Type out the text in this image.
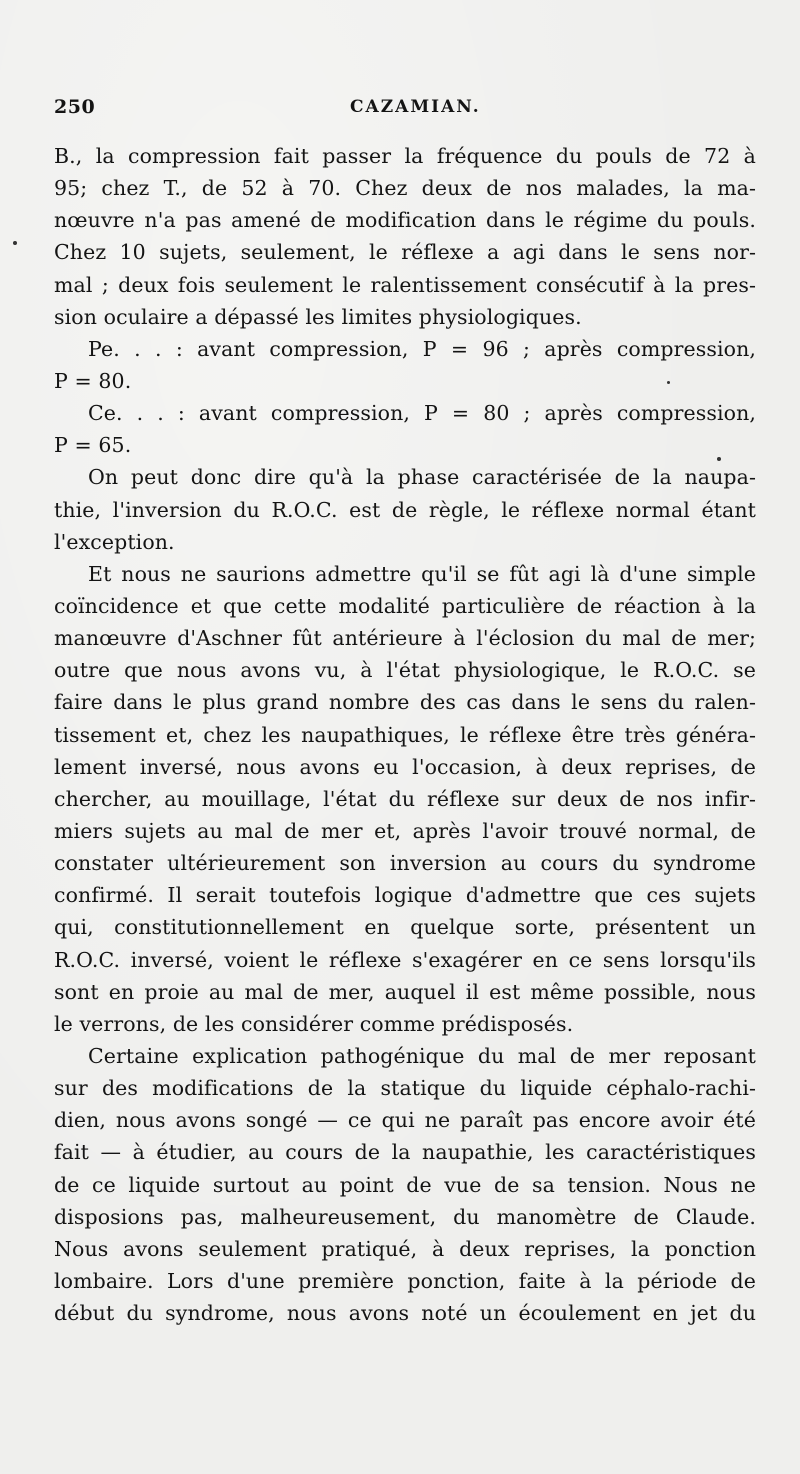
250	CAZAMIAN.
B., la compression fait passer la fréquence du pouls de 72 à
95; chez T., de 52 à 70. Chez deux de nos malades, la ma-
nœuvre n'a pas amené de modification dans le régime du pouls.
Chez 10 sujets, seulement, le réflexe a agi dans le sens nor-
mal ; deux fois seulement le ralentissement consécutif à la pres-
sion oculaire a dépassé les limites physiologiques.
Pe. . . : avant compression, P = 96 ; après compression,
P = 80.
Ce. . . : avant compression, P = 80 ; après compression,
P = 65.
On peut donc dire qu'à la phase caractérisée de la naupa-
thie, l'inversion du R.O.C. est de règle, le réflexe normal étant
l'exception.
Et nous ne saurions admettre qu'il se fût agi là d'une simple
coïncidence et que cette modalité particulière de réaction à la
manœuvre d'Aschner fût antérieure à l'éclosion du mal de mer;
outre que nous avons vu, à l'état physiologique, le R.O.C. se
faire dans le plus grand nombre des cas dans le sens du ralen-
tissement et, chez les naupathiques, le réflexe être très généra-
lement inversé, nous avons eu l'occasion, à deux reprises, de
chercher, au mouillage, l'état du réflexe sur deux de nos infir-
miers sujets au mal de mer et, après l'avoir trouvé normal, de
constater ultérieurement son inversion au cours du syndrome
confirmé. Il serait toutefois logique d'admettre que ces sujets
qui, constitutionnellement en quelque sorte, présentent un
R.O.C. inversé, voient le réflexe s'exagérer en ce sens lorsqu'ils
sont en proie au mal de mer, auquel il est même possible, nous
le verrons, de les considérer comme prédisposés.
Certaine explication pathogénique du mal de mer reposant
sur des modifications de la statique du liquide céphalo-rachi-
dien, nous avons songé — ce qui ne paraît pas encore avoir été
fait — à étudier, au cours de la naupathie, les caractéristiques
de ce liquide surtout au point de vue de sa tension. Nous ne
disposions pas, malheureusement, du manomètre de Claude.
Nous avons seulement pratiqué, à deux reprises, la ponction
lombaire. Lors d'une première ponction, faite à la période de
début du syndrome, nous avons noté un écoulement en jet du
